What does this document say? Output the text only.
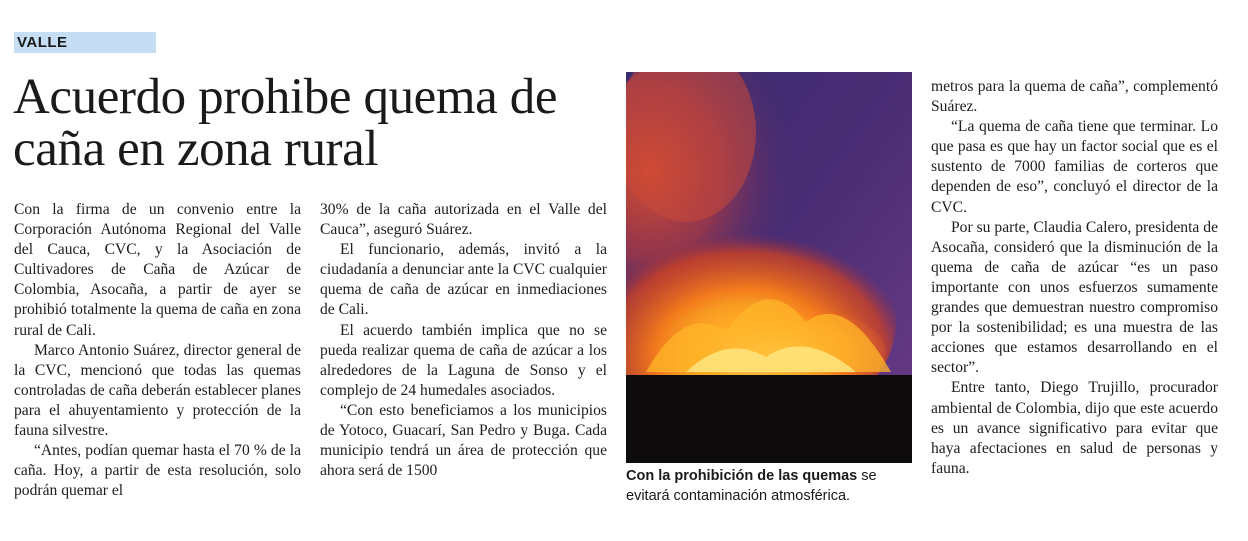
VALLE
Acuerdo prohibe quema de caña en zona rural

Con la firma de un convenio entre la Corporación Autónoma Regional del Valle del Cauca, CVC, y la Asociación de Cultivadores de Caña de Azúcar de Colombia, Asocaña, a partir de ayer se prohibió totalmente la quema de caña en zona rural de Cali.

Marco Antonio Suárez, director general de la CVC, mencionó que todas las quemas controladas de caña deberán establecer planes para el ahuyentamiento y protección de la fauna silvestre.

“Antes, podían quemar hasta el 70 % de la caña. Hoy, a partir de esta resolución, solo podrán quemar el

30% de la caña autorizada en el Valle del Cauca”, aseguró Suárez.

El funcionario, además, invitó a la ciudadanía a denunciar ante la CVC cualquier quema de caña de azúcar en inmediaciones de Cali.

El acuerdo también implica que no se pueda realizar quema de caña de azúcar a los alrededores de la Laguna de Sonso y el complejo de 24 humedales asociados.

“Con esto beneficiamos a los municipios de Yotoco, Guacarí, San Pedro y Buga. Cada municipio tendrá un área de protección que ahora será de 1500	Con la prohibición de las quemas se evitará contaminación atmosférica.

metros para la quema de caña”, complementó Suárez.

“La quema de caña tiene que terminar. Lo que pasa es que hay un factor social que es el sustento de 7000 familias de corteros que dependen de eso”, concluyó el director de la CVC.

Por su parte, Claudia Calero, presidenta de Asocaña, consideró que la disminución de la quema de caña de azúcar “es un paso importante con unos esfuerzos sumamente grandes que demuestran nuestro compromiso por la sostenibilidad; es una muestra de las acciones que estamos desarrollando en el sector”.

Entre tanto, Diego Trujillo, procurador ambiental de Colombia, dijo que este acuerdo es un avance significativo para evitar que haya afectaciones en salud de personas y fauna.
